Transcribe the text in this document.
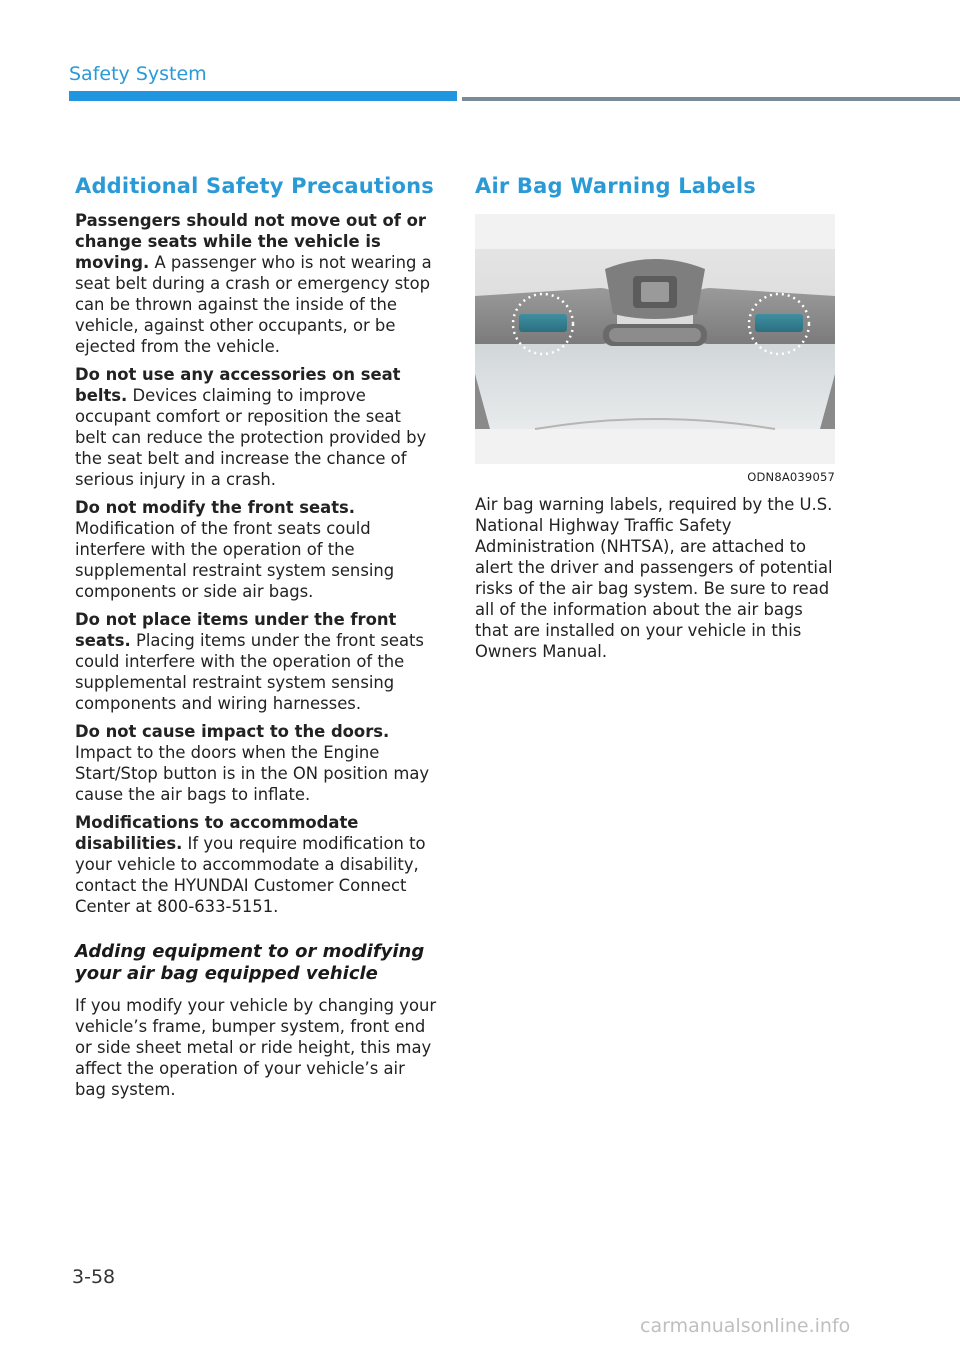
Safety System
Additional Safety Precautions

Passengers should not move out of or change seats while the vehicle is moving. A passenger who is not wearing a seat belt during a crash or emergency stop can be thrown against the inside of the vehicle, against other occupants, or be ejected from the vehicle.

Do not use any accessories on seat belts. Devices claiming to improve occupant comfort or reposition the seat belt can reduce the protection provided by the seat belt and increase the chance of serious injury in a crash.

Do not modify the front seats. Modification of the front seats could interfere with the operation of the supplemental restraint system sensing components or side air bags.

Do not place items under the front seats. Placing items under the front seats could interfere with the operation of the supplemental restraint system sensing components and wiring harnesses.

Do not cause impact to the doors. Impact to the doors when the Engine Start/Stop button is in the ON position may cause the air bags to inflate.

Modifications to accommodate disabilities. If you require modification to your vehicle to accommodate a disability, contact the HYUNDAI Customer Connect Center at 800-633-5151.

Adding equipment to or modifying your air bag equipped vehicle

If you modify your vehicle by changing your vehicle’s frame, bumper system, front end or side sheet metal or ride height, this may affect the operation of your vehicle’s air bag system.

Air Bag Warning Labels
ODN8A039057

Air bag warning labels, required by the U.S. National Highway Traffic Safety Administration (NHTSA), are attached to alert the driver and passengers of potential risks of the air bag system. Be sure to read all of the information about the air bags that are installed on your vehicle in this Owners Manual.

3-58
carmanualsonline.info
